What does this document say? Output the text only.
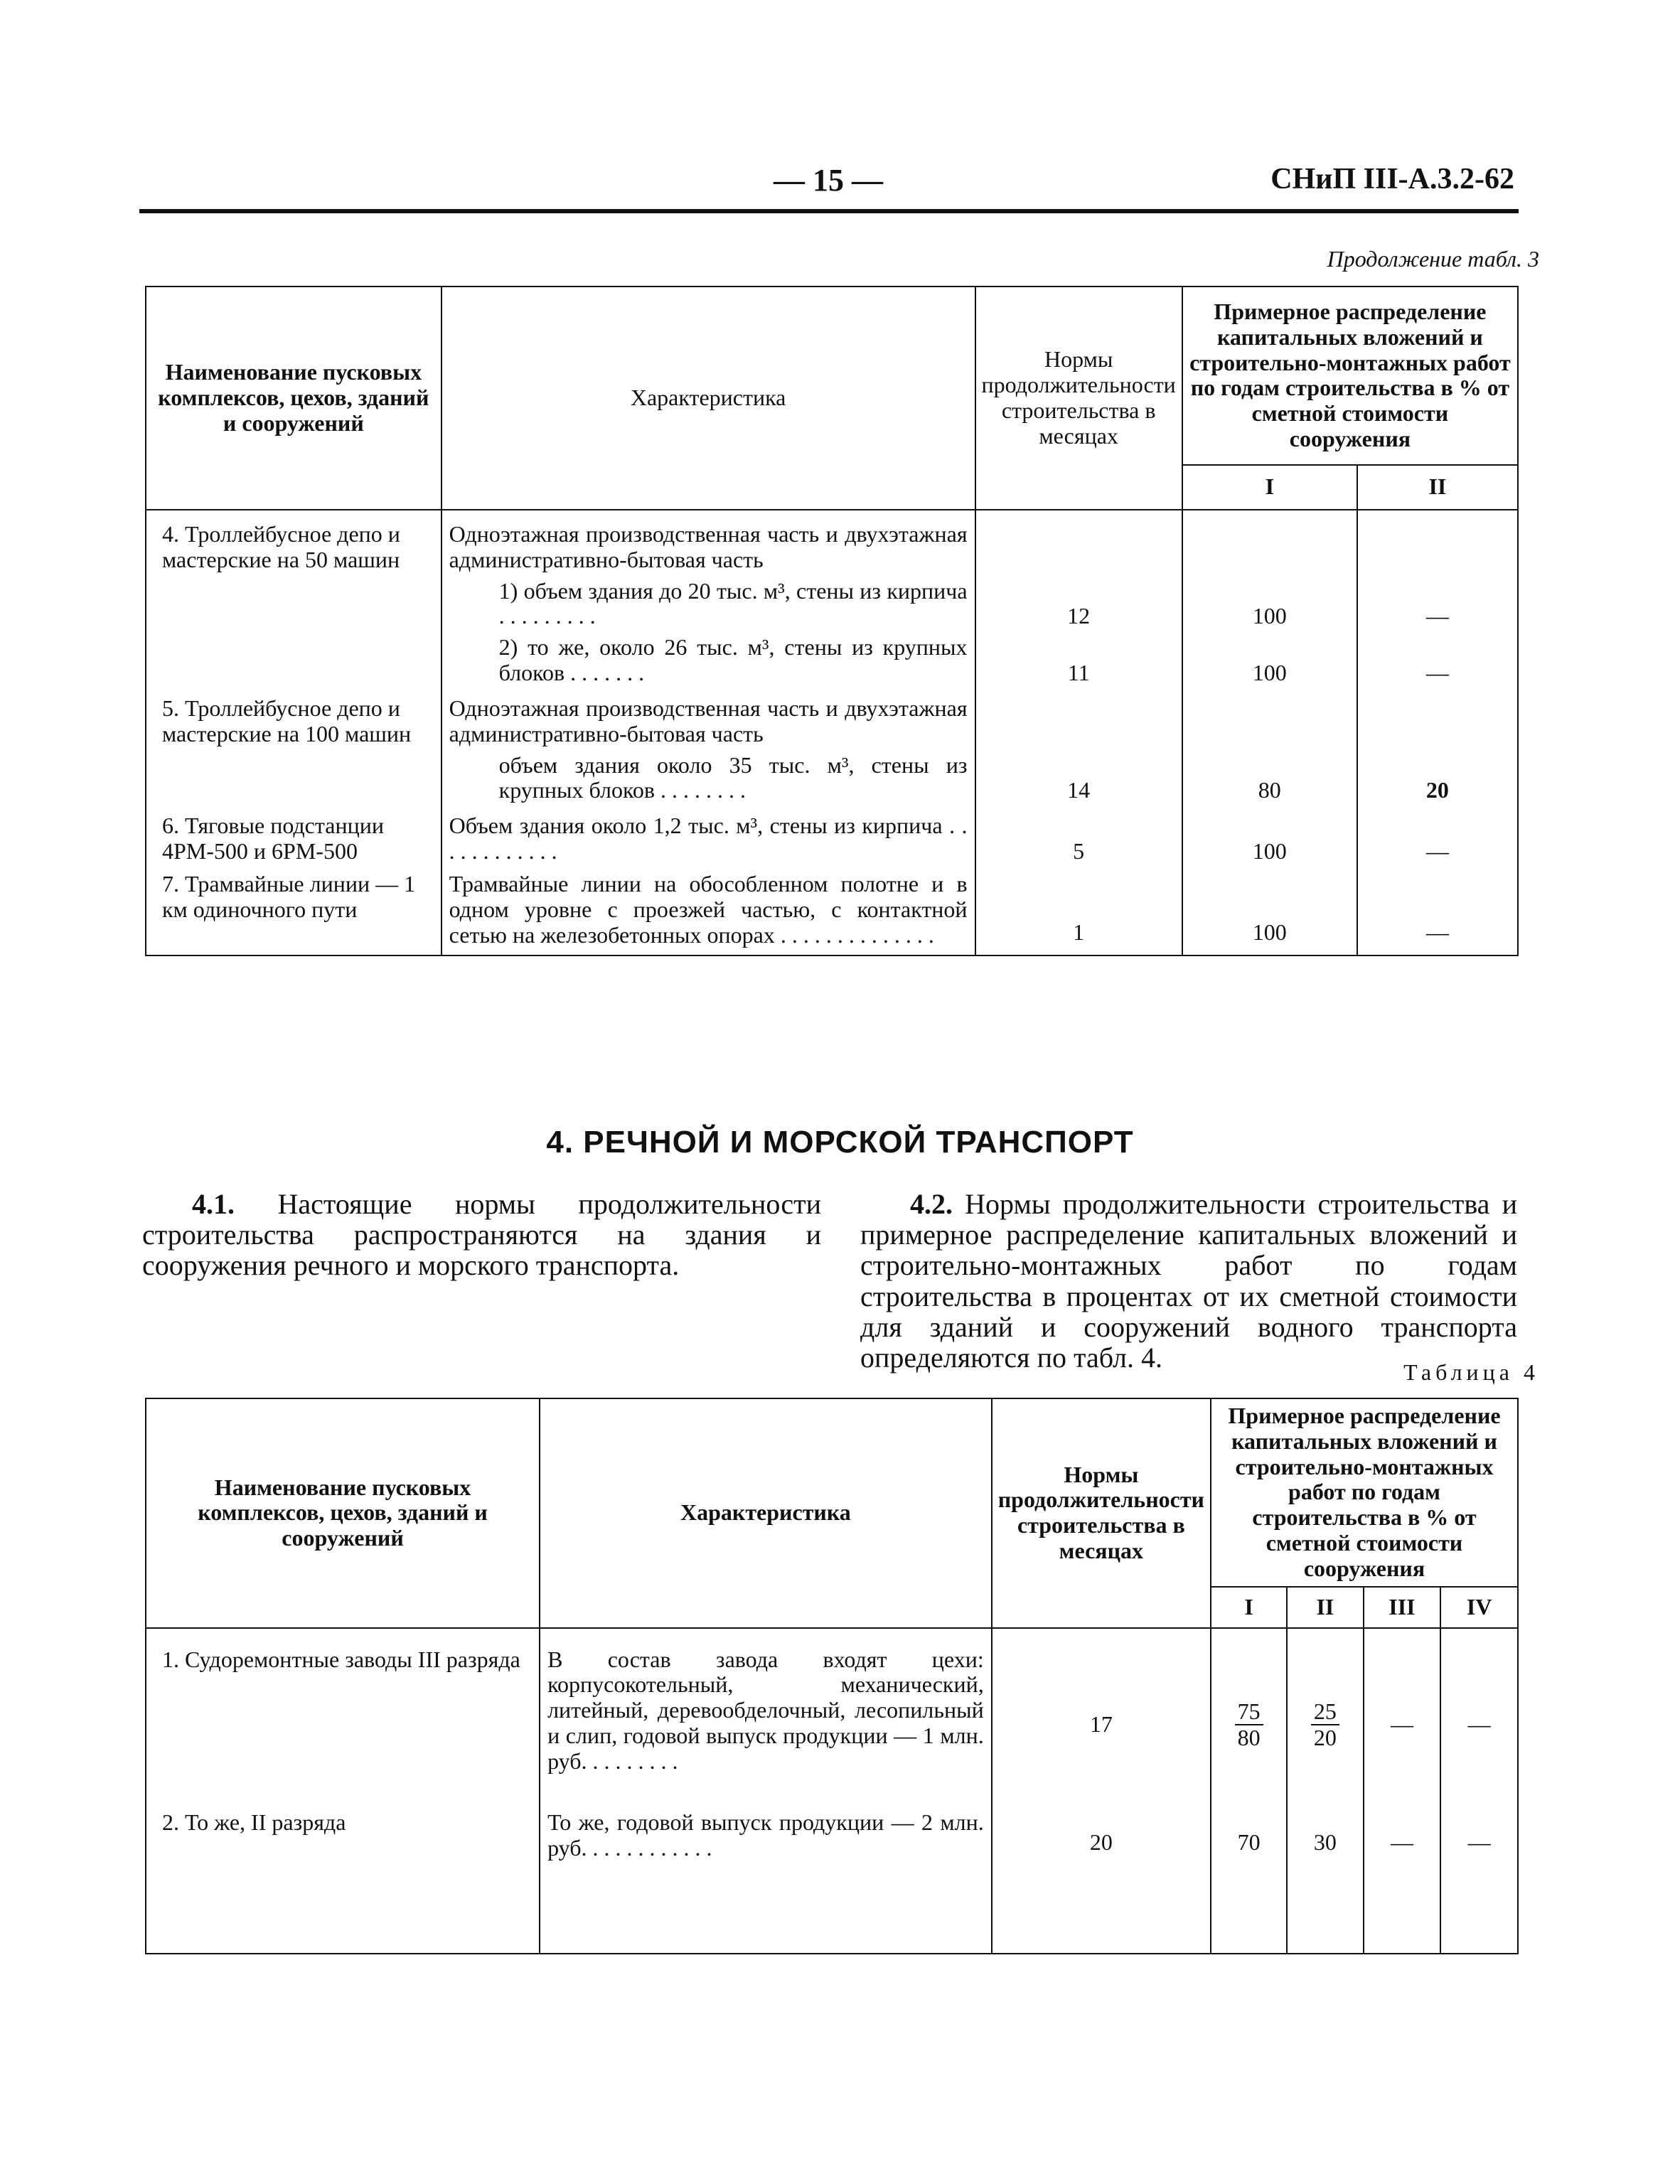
— 15 —	СНиП III-А.3.2-62
Продолжение табл. 3
Наименование пусковых комплексов, цехов, зданий и сооружений	Характеристика	Нормы продолжительности строительства в месяцах	Примерное распределение капитальных вложений и строительно-монтажных работ по годам строительства в % от сметной стоимости сооружения	
			I	II

4. Троллейбусное депо и мастерские на 50 машин	Одноэтажная производственная часть и двухэтажная административно-бытовая часть			
	1) объем здания до 20 тыс. м³, стены из кирпича . . . . . . . . .	12	100	—
	2) то же, около 26 тыс. м³, стены из крупных блоков . . . . . . .	11	100	—
5. Троллейбусное депо и мастерские на 100 машин	Одноэтажная производственная часть и двухэтажная административно-бытовая часть			
	объем здания около 35 тыс. м³, стены из крупных блоков . . . . . . . .	14	80	20
6. Тяговые подстанции 4РМ-500 и 6РМ-500	Объем здания около 1,2 тыс. м³, стены из кирпича . . . . . . . . . . . .	5	100	—
7. Трамвайные линии — 1 км одиночного пути	Трамвайные линии на обособленном полотне и в одном уровне с проезжей частью, с контактной сетью на железобетонных опорах . . . . . . . . . . . . . .	1	100	—
4. РЕЧНОЙ И МОРСКОЙ ТРАНСПОРТ

4.1. Настоящие нормы продолжительности строительства распространяются на здания и сооружения речного и морского транспорта.

4.2. Нормы продолжительности строительства и примерное распределение капитальных вложений и строительно-монтажных работ по годам строительства в процентах от их сметной стоимости для зданий и сооружений водного транспорта определяются по табл. 4.	Таблица 4
Наименование пусковых комплексов, цехов, зданий и сооружений	Характеристика	Нормы продолжительности строительства в месяцах	Примерное распределение капитальных вложений и строительно-монтажных работ по годам строительства в % от сметной стоимости сооружения			
			I	II	III	IV

1. Судоремонтные заводы III разряда	В состав завода входят цехи: корпусокотельный, механический, литейный, деревообделочный, лесопильный и слип, годовой выпуск продукции — 1 млн. руб. . . . . . . . .	17	$\frac{75}{80}$	$\frac{25}{20}$	—	—
2. То же, II разряда	То же, годовой выпуск продукции — 2 млн. руб. . . . . . . . . . . .	20	70	30	—	—
